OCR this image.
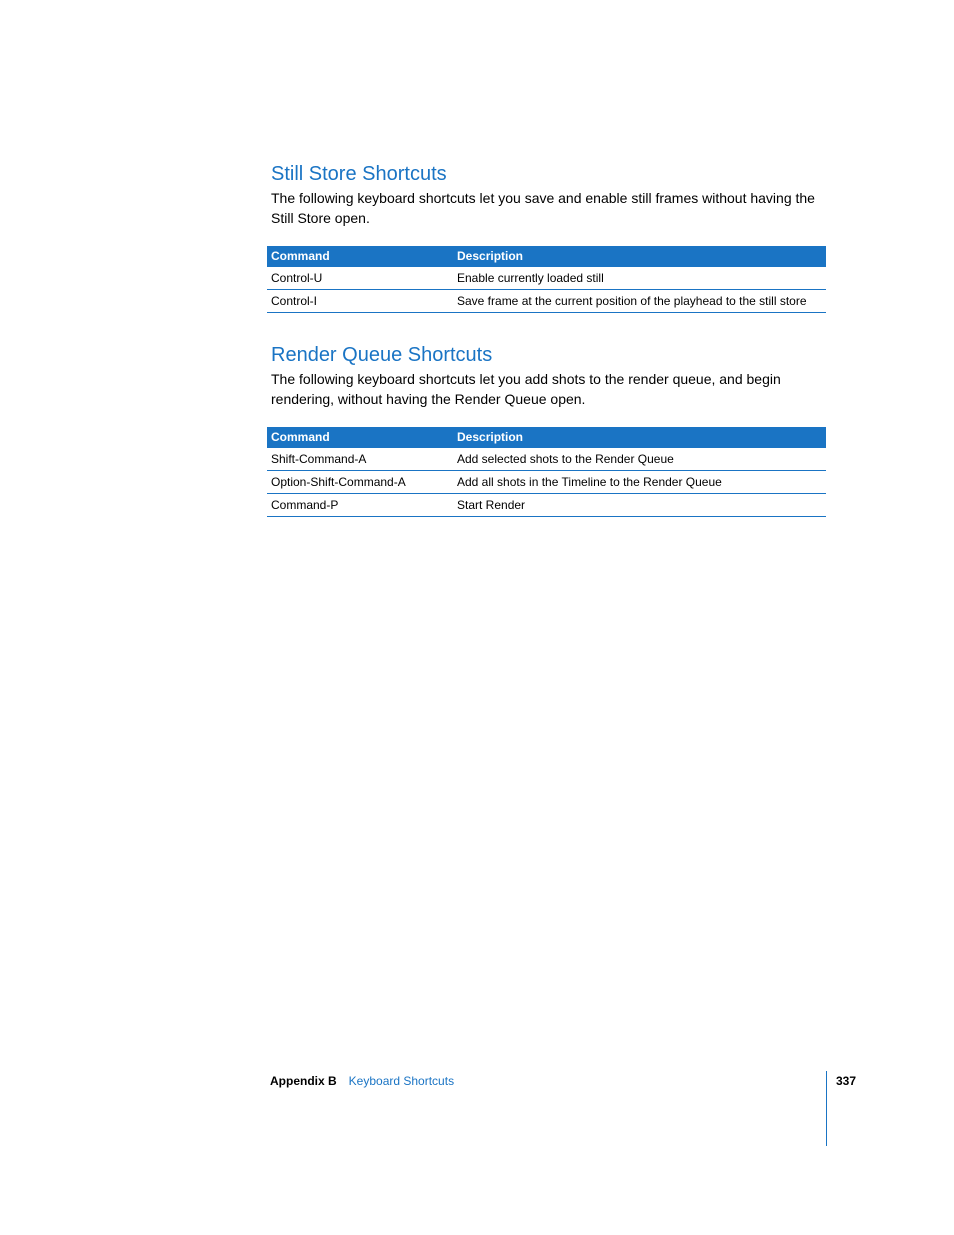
Still Store Shortcuts

The following keyboard shortcuts let you save and enable still frames without having the Still Store open.

Command	Description
Control-U	Enable currently loaded still
Control-I	Save frame at the current position of the playhead to the still store
Render Queue Shortcuts

The following keyboard shortcuts let you add shots to the render queue, and begin rendering, without having the Render Queue open.

Command	Description
Shift-Command-A	Add selected shots to the Render Queue
Option-Shift-Command-A	Add all shots in the Timeline to the Render Queue
Command-P	Start Render
Appendix B Keyboard Shortcuts	337
